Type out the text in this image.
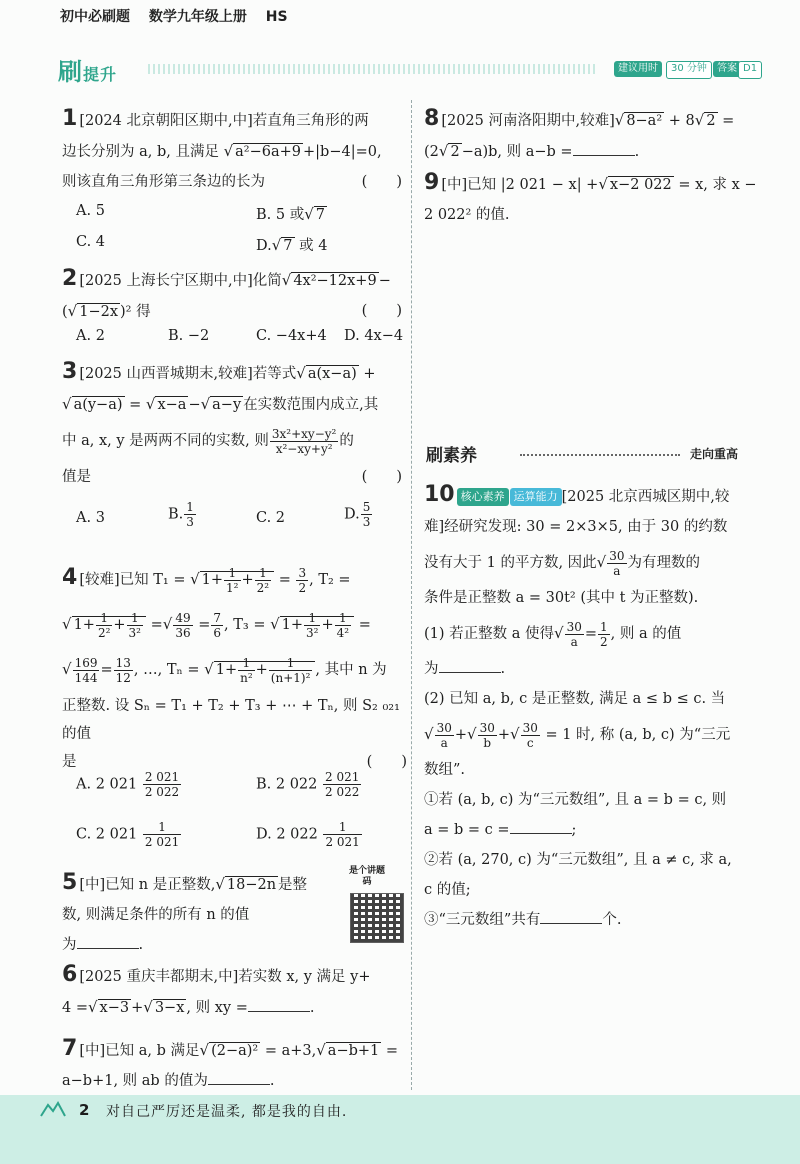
初中必刷题 数学九年级上册 HS
刷提升	建议用时	30 分钟	答案 D1
1 [2024 北京朝阳区期中,中]若直角三角形的两
边长分别为 a, b, 且满足 √ a²−6a+9 +|b−4|=0,
则该直角三角形第三条边的长为	(　　)
A. 5	B. 5 或√ 7
C. 4	D.√ 7 或 4
2 [2025 上海长宁区期中,中]化简√ 4x²−12x+9 −
(√ 1−2x )² 得	(　　)
A. 2	B. −2	C. −4x+4 D. 4x−4
3 [2025 山西晋城期末,较难]若等式√ a(x−a) +
√ a(y−a) = √ x−a −√ a−y 在实数范围内成立,其
中 a, x, y 是两两不同的实数, 则 $\frac{\text{3x²+xy−y²}}{\text{x²−xy+y²}}$ 的
值是	(　　)
A. 3	B. $\frac{1}{3}$	C. 2	D. $\frac{5}{3}$
4 [较难]已知 T₁ = √ $1+ \frac{1}{\text{1²}} + \frac{1}{\text{2²}} = \frac{3}{2}$ , T₂ =
√ $1+ \frac{1}{\text{2²}} + \frac{1}{\text{3²}}$ =√ $\frac{49}{36} = \frac{7}{6}$ , T₃ = √ $1+ \frac{1}{\text{3²}} + \frac{1}{\text{4²}}$ =
√ $\frac{169}{144} = \frac{13}{12}$ , …, Tₙ = √ $1+ \frac{1}{\text{n²}} + \frac{1}{\text{(n+1)²}}$ , 其中 n 为
正整数. 设 Sₙ = T₁ + T₂ + T₃ + ⋯ + Tₙ, 则 S₂ ₀₂₁ 的值
是	(　　)
A. 2 $021 \frac{2 021}{2 022}$	B. 2 $022 \frac{2 021}{2 022}$
C. 2 $021 \frac{1}{2 021}$	D. 2 $022 \frac{1}{2 021}$
5 [中]已知 n 是正整数,√ 18−2n 是整
数, 则满足条件的所有 n 的值
为	.
是个讲题码
6 [2025 重庆丰都期末,中]若实数 x, y 满足 y+
4 =√ x−3 +√ 3−x , 则 xy =	.
7 [中]已知 a, b 满足√ (2−a)² = a+3,√ a−b+1 =
a−b+1, 则 ab 的值为	.
8 [2025 河南洛阳期中,较难]√ 8−a² + 8√ 2 =
(2√ 2 −a)b, 则 a−b =	.
9 [中]已知 |2 021 − x| +√ x−2 022 = x, 求 x −
2 022² 的值.
刷素养	走向重高
10 核心素养 运算能力 [2025 北京西城区期中,较
难]经研究发现: 30 = 2×3×5, 由于 30 的约数
没有大于 1 的平方数, 因此√ $\frac{30}{a}$ 为有理数的
条件是正整数 a = 30t² (其中 t 为正整数).
(1) 若正整数 a 使得√ $\frac{30}{a} = \frac{1}{2}$ , 则 a 的值
为	.
(2) 已知 a, b, c 是正整数, 满足 a ≤ b ≤ c. 当
√ $\frac{30}{a}$ +√ $\frac{30}{b}$ +√ $\frac{30}{c} = 1$ 时, 称 (a, b, c) 为“三元
数组”.
①若 (a, b, c) 为“三元数组”, 且 a = b = c, 则
a = b = c =	;
②若 (a, 270, c) 为“三元数组”, 且 a ≠ c, 求 a,
c 的值;
③“三元数组”共有	个.
2 对自己严厉还是温柔, 都是我的自由.
